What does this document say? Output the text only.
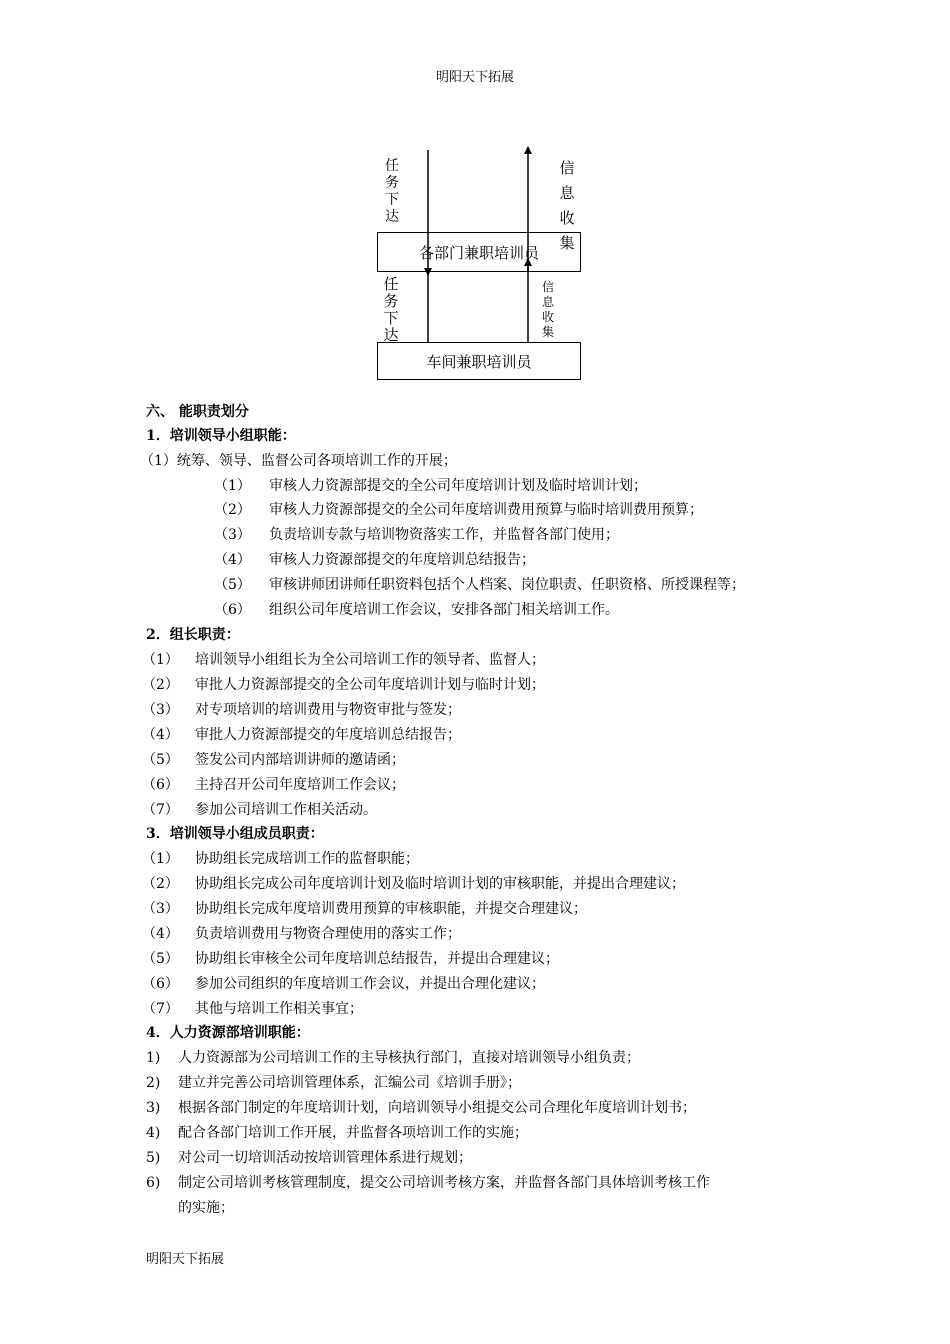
明阳天下拓展
任务下达
信息收集
各部门兼职培训员
任务下达
信息收集
车间兼职培训员
六、 能职责划分
1．培训领导小组职能：
（1）统筹、领导、监督公司各项培训工作的开展；
（1） 审核人力资源部提交的全公司年度培训计划及临时培训计划；
（2） 审核人力资源部提交的全公司年度培训费用预算与临时培训费用预算；
（3） 负责培训专款与培训物资落实工作，并监督各部门使用；
（4） 审核人力资源部提交的年度培训总结报告；
（5） 审核讲师团讲师任职资料包括个人档案、岗位职责、任职资格、所授课程等；
（6） 组织公司年度培训工作会议，安排各部门相关培训工作。
2．组长职责：
（1） 培训领导小组组长为全公司培训工作的领导者、监督人；
（2） 审批人力资源部提交的全公司年度培训计划与临时计划；
（3） 对专项培训的培训费用与物资审批与签发；
（4） 审批人力资源部提交的年度培训总结报告；
（5） 签发公司内部培训讲师的邀请函；
（6） 主持召开公司年度培训工作会议；
（7） 参加公司培训工作相关活动。
3．培训领导小组成员职责：
（1） 协助组长完成培训工作的监督职能；
（2） 协助组长完成公司年度培训计划及临时培训计划的审核职能，并提出合理建议；
（3） 协助组长完成年度培训费用预算的审核职能，并提交合理建议；
（4） 负责培训费用与物资合理使用的落实工作；
（5） 协助组长审核全公司年度培训总结报告，并提出合理建议；
（6） 参加公司组织的年度培训工作会议，并提出合理化建议；
（7） 其他与培训工作相关事宜；
4．人力资源部培训职能：
1) 人力资源部为公司培训工作的主导核执行部门，直接对培训领导小组负责；
2) 建立并完善公司培训管理体系，汇编公司《培训手册》；
3) 根据各部门制定的年度培训计划，向培训领导小组提交公司合理化年度培训计划书；
4) 配合各部门培训工作开展，并监督各项培训工作的实施；
5) 对公司一切培训活动按培训管理体系进行规划；
6) 制定公司培训考核管理制度，提交公司培训考核方案，并监督各部门具体培训考核工作
的实施；
明阳天下拓展
